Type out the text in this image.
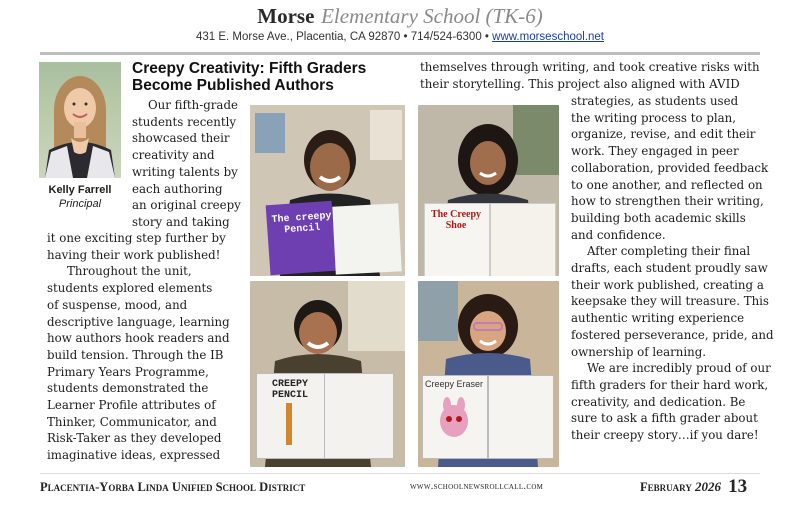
Morse Elementary School (TK-6)
431 E. Morse Ave., Placentia, CA 92870 • 714/524-6300 • www.morseschool.net
Kelly Farrell
Principal
Creepy Creativity: Fifth Graders
Become Published Authors

Our fifth-grade

students recently

showcased their

creativity and

writing talents by

each authoring

an original creepy

story and taking

it one exciting step further by

having their work published!

Throughout the unit,

students explored elements

of suspense, mood, and

descriptive language, learning

how authors hook readers and

build tension. Through the IB

Primary Years Programme,

students demonstrated the

Learner Profile attributes of

Thinker, Communicator, and

Risk-Taker as they developed

imaginative ideas, expressed

themselves through writing, and took creative risks with

their storytelling. This project also aligned with AVID

strategies, as students used

the writing process to plan,

organize, revise, and edit their

work. They engaged in peer

collaboration, provided feedback

to one another, and reflected on

how to strengthen their writing,

building both academic skills

and confidence.

After completing their final

drafts, each student proudly saw

their work published, creating a

keepsake they will treasure. This

authentic writing experience

fostered perseverance, pride, and

ownership of learning.

We are incredibly proud of our

fifth graders for their hard work,

creativity, and dedication. Be

sure to ask a fifth grader about

their creepy story…if you dare!

The creepy Pencil
The Creepy Shoe
CREEPY PENCIL
Creepy Eraser
Placentia-Yorba Linda Unified School District	www.schoolnewsrollcall.com	February 2026 13
